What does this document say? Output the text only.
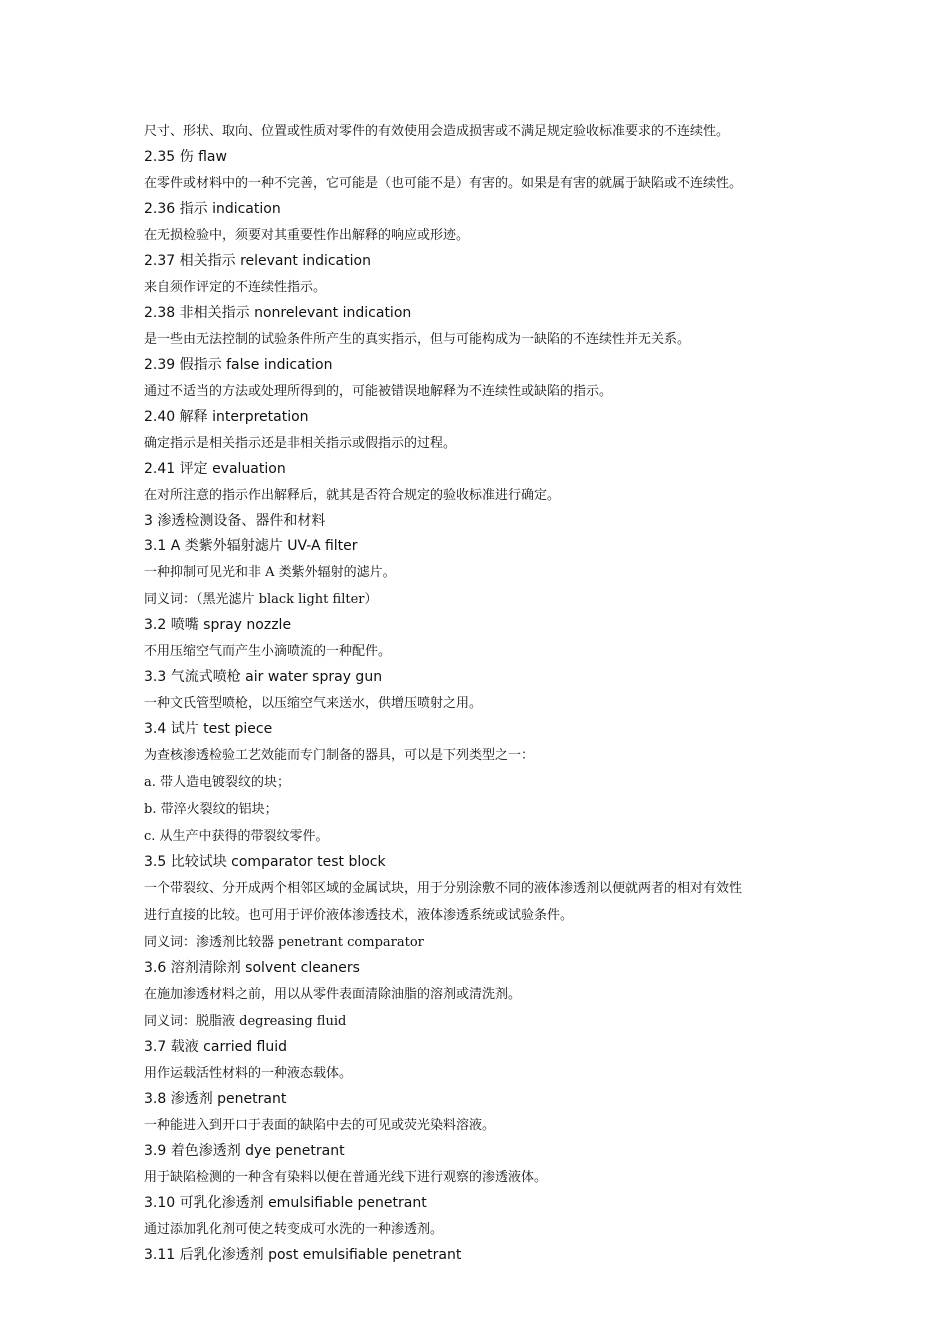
尺寸、形状、取向、位置或性质对零件的有效使用会造成损害或不满足规定验收标准要求的不连续性。
2.35 伤 flaw
在零件或材料中的一种不完善，它可能是（也可能不是）有害的。如果是有害的就属于缺陷或不连续性。
2.36 指示 indication
在无损检验中，须要对其重要性作出解释的响应或形迹。
2.37 相关指示 relevant indication
来自须作评定的不连续性指示。
2.38 非相关指示 nonrelevant indication
是一些由无法控制的试验条件所产生的真实指示，但与可能构成为一缺陷的不连续性并无关系。
2.39 假指示 false indication
通过不适当的方法或处理所得到的，可能被错误地解释为不连续性或缺陷的指示。
2.40 解释 interpretation
确定指示是相关指示还是非相关指示或假指示的过程。
2.41 评定 evaluation
在对所注意的指示作出解释后，就其是否符合规定的验收标准进行确定。
3 渗透检测设备、器件和材料
3.1 A 类紫外辐射滤片 UV-A filter
一种抑制可见光和非 A 类紫外辐射的滤片。
同义词：（黑光滤片 black light filter）
3.2 喷嘴 spray nozzle
不用压缩空气而产生小滴喷流的一种配件。
3.3 气流式喷枪 air water spray gun
一种文氏管型喷枪，以压缩空气来送水，供增压喷射之用。
3.4 试片 test piece
为查核渗透检验工艺效能而专门制备的器具，可以是下列类型之一：
a. 带人造电镀裂纹的块；
b. 带淬火裂纹的铝块；
c. 从生产中获得的带裂纹零件。
3.5 比较试块 comparator test block
一个带裂纹、分开成两个相邻区域的金属试块，用于分别涂敷不同的液体渗透剂以便就两者的相对有效性
进行直接的比较。也可用于评价液体渗透技术，液体渗透系统或试验条件。
同义词：渗透剂比较器 penetrant comparator
3.6 溶剂清除剂 solvent cleaners
在施加渗透材料之前，用以从零件表面清除油脂的溶剂或清洗剂。
同义词：脱脂液 degreasing fluid
3.7 载液 carried fluid
用作运载活性材料的一种液态载体。
3.8 渗透剂 penetrant
一种能进入到开口于表面的缺陷中去的可见或荧光染料溶液。
3.9 着色渗透剂 dye penetrant
用于缺陷检测的一种含有染料以便在普通光线下进行观察的渗透液体。
3.10 可乳化渗透剂 emulsifiable penetrant
通过添加乳化剂可使之转变成可水洗的一种渗透剂。
3.11 后乳化渗透剂 post emulsifiable penetrant
